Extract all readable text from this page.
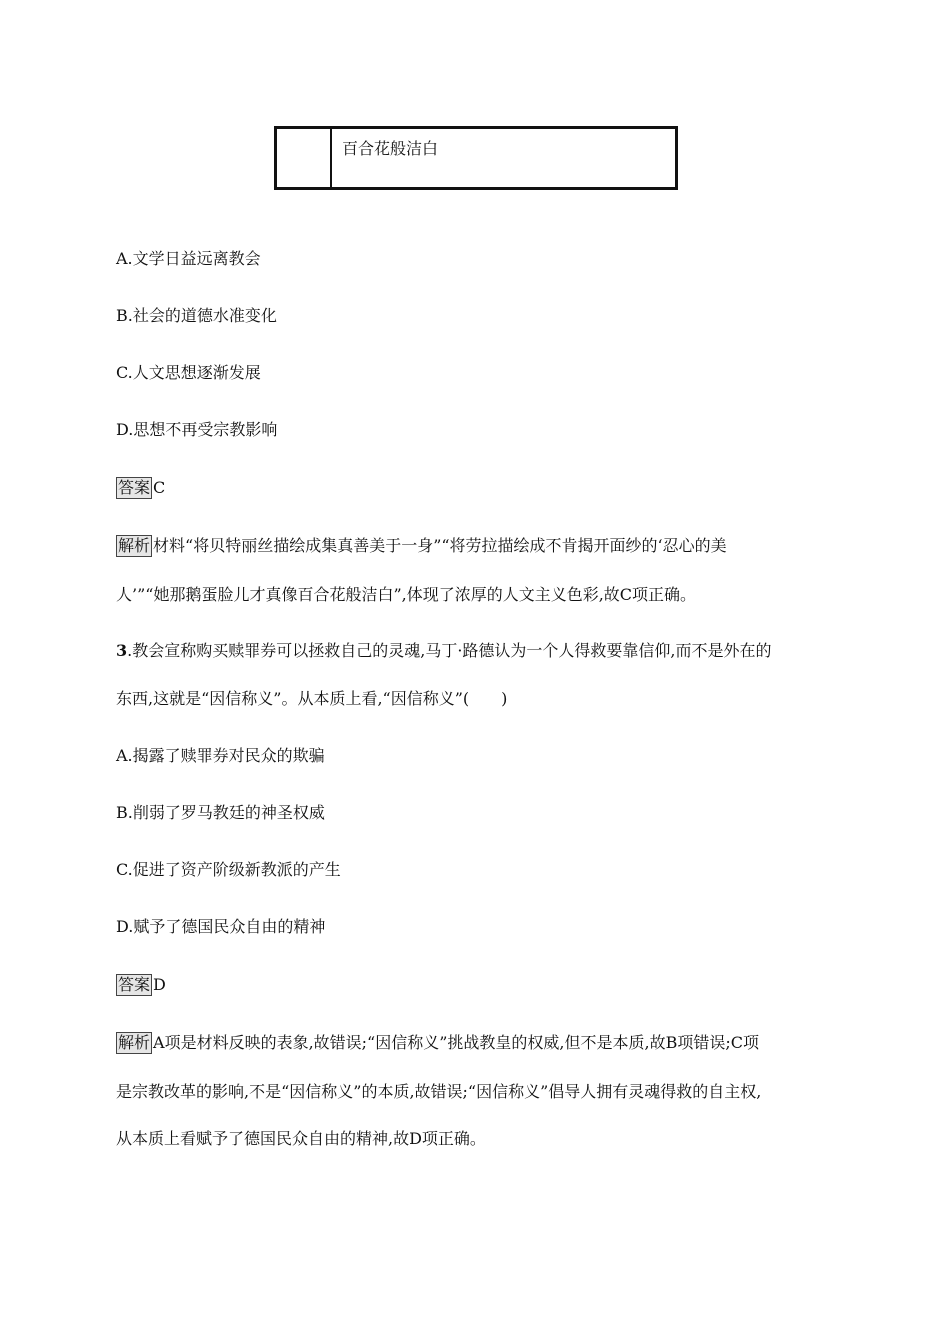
百合花般洁白
A.文学日益远离教会
B.社会的道德水准变化
C.人文思想逐渐发展
D.思想不再受宗教影响
答案 C
解析 材料“将贝特丽丝描绘成集真善美于一身”“将劳拉描绘成不肯揭开面纱的‘忍心的美
人’”“她那鹅蛋脸儿才真像百合花般洁白”,体现了浓厚的人文主义色彩,故C项正确。
3.教会宣称购买赎罪券可以拯救自己的灵魂,马丁·路德认为一个人得救要靠信仰,而不是外在的
东西,这就是“因信称义”。从本质上看,“因信称义”(　　)
A.揭露了赎罪券对民众的欺骗
B.削弱了罗马教廷的神圣权威
C.促进了资产阶级新教派的产生
D.赋予了德国民众自由的精神
答案 D
解析 A项是材料反映的表象,故错误;“因信称义”挑战教皇的权威,但不是本质,故B项错误;C项
是宗教改革的影响,不是“因信称义”的本质,故错误;“因信称义”倡导人拥有灵魂得救的自主权,
从本质上看赋予了德国民众自由的精神,故D项正确。
